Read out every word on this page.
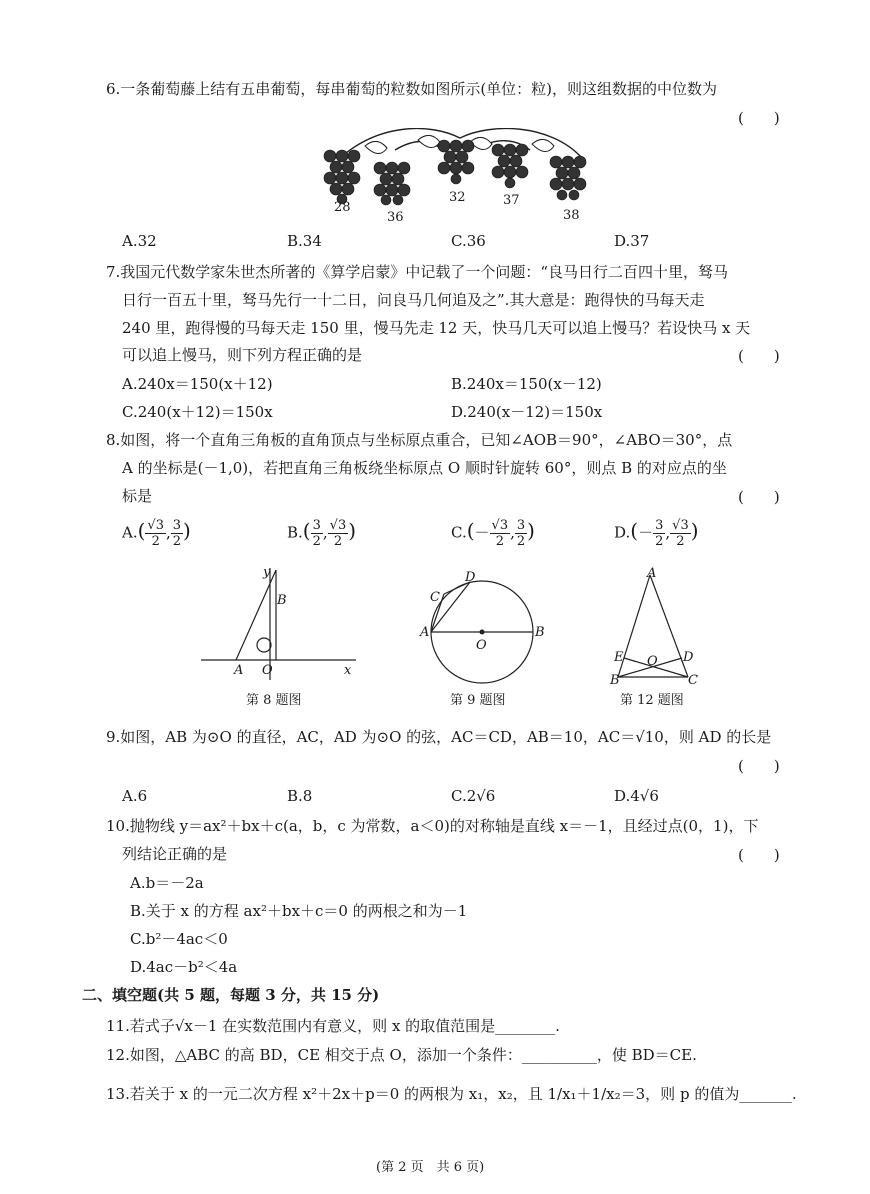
6.一条葡萄藤上结有五串葡萄，每串葡萄的粒数如图所示(单位：粒)，则这组数据的中位数为
(　　)
28
36
32	37
38
A.32	B.34	C.36	D.37
7.我国元代数学家朱世杰所著的《算学启蒙》中记载了一个问题：“良马日行二百四十里，驽马
日行一百五十里，驽马先行一十二日，问良马几何追及之”.其大意是：跑得快的马每天走
240 里，跑得慢的马每天走 150 里，慢马先走 12 天，快马几天可以追上慢马？若设快马 x 天
可以追上慢马，则下列方程正确的是	(　　)
A.240x＝150(x＋12)	B.240x＝150(x－12)
C.240(x＋12)＝150x	D.240(x－12)＝150x
8.如图，将一个直角三角板的直角顶点与坐标原点重合，已知∠AOB＝90°，∠ABO＝30°，点
A 的坐标是(－1,0)，若把直角三角板绕坐标原点 O 顺时针旋转 60°，则点 B 的对应点的坐
标是	(　　)
$A.( \frac{√3}{2}$ , $\frac{3}{2}$ )	$B.( \frac{3}{2}$ , $\frac{√3}{2}$ )	$C.(- \frac{√3}{2}$ , $\frac{3}{2}$ )	$D.(- \frac{3}{2}$ , $\frac{√3}{2}$ )
y
B
A O	x
第 8 题图
D
C
A	B
O
第 9 题图
A
E O D
B	C
第 12 题图
9.如图，AB 为⊙O 的直径，AC，AD 为⊙O 的弦，AC＝CD，AB＝10，AC＝√10，则 AD 的长是
(　　)
A.6	B.8	C.2√6	D.4√6
10.抛物线 y＝ax²＋bx＋c(a，b，c 为常数，a＜0)的对称轴是直线 x＝－1，且经过点(0，1)，下
列结论正确的是	(　　)
A.b＝－2a
B.关于 x 的方程 ax²＋bx＋c＝0 的两根之和为－1
C.b²－4ac＜0
D.4ac－b²＜4a
二、填空题(共 5 题，每题 3 分，共 15 分)
11.若式子√x－1 在实数范围内有意义，则 x 的取值范围是________.
12.如图，△ABC 的高 BD，CE 相交于点 O，添加一个条件：__________，使 BD＝CE.
13.若关于 x 的一元二次方程 x²＋2x＋p＝0 的两根为 x₁，x₂，且 1/x₁＋1/x₂＝3，则 p 的值为_______.
(第 2 页　共 6 页)
